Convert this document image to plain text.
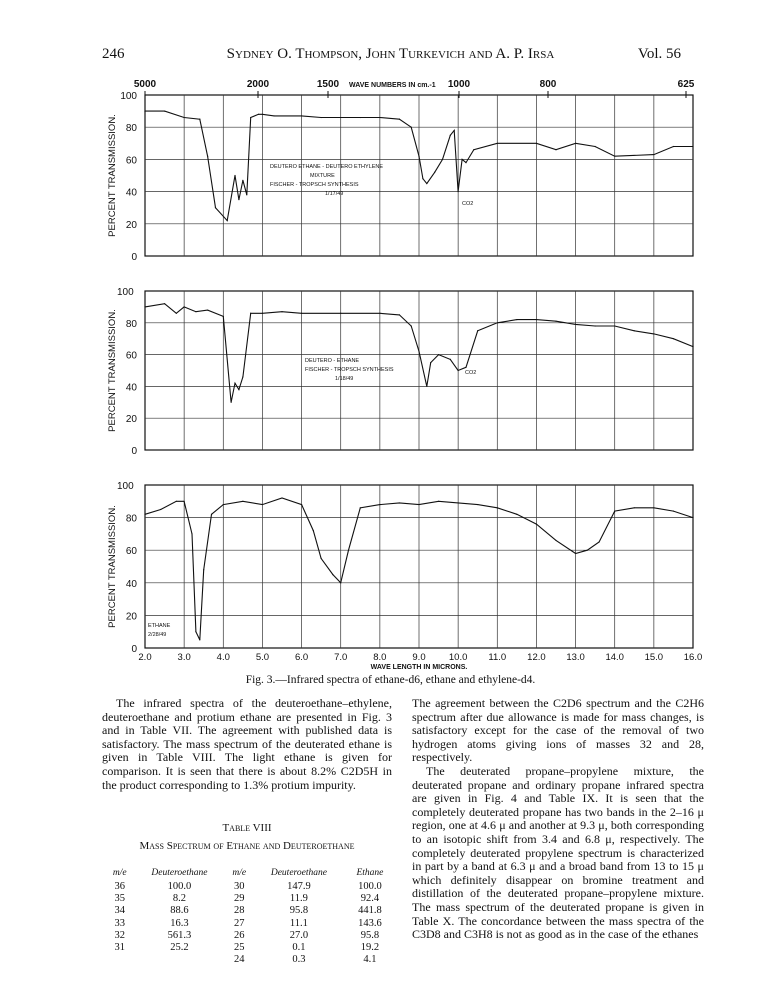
246	Sydney O. Thompson, John Turkevich and A. P. Irsa	Vol. 56
5000	2000	1500	1000	800	625
WAVE NUMBERS IN cm.-1
100
80
60
40
20
0
PERCENT TRANSMISSION.	DEUTERO ETHANE - DEUTERO ETHYLENE
MIXTURE
FISCHER - TROPSCH SYNTHESIS
1/17/49
CO2
100
80
60
40
20
0
PERCENT TRANSMISSION.	DEUTERO - ETHANE
FISCHER - TROPSCH SYNTHESIS
1/18/49
CO2
100
80
60
40
20
0
PERCENT TRANSMISSION.	ETHANE
2/28/49
2.0	3.0	4.0	5.0	6.0	7.0	8.0	9.0 10.0 11.0 12.0 13.0 14.0 15.0 16.0
WAVE LENGTH IN MICRONS.
Fig. 3.—Infrared spectra of ethane-d6, ethane and ethylene-d4.

The infrared spectra of the deuteroethane–ethylene, deuteroethane and protium ethane are presented in Fig. 3 and in Table VII. The agreement with published data is satisfactory. The mass spectrum of the deuterated ethane is given in Table VIII. The light ethane is given for comparison. It is seen that there is about 8.2% C2D5H in the product corresponding to 1.3% protium impurity.

Table VIII
Mass Spectrum of Ethane and Deuteroethane
m/e	Deuteroethane	m/e	Deuteroethane	Ethane
36	100.0	30	147.9	100.0
35	8.2	29	11.9	92.4
34	88.6	28	95.8	441.8
33	16.3	27	11.1	143.6
32	561.3	26	27.0	95.8
31	25.2	25	0.1	19.2
		24	0.3	4.1

The agreement between the C2D6 spectrum and the C2H6 spectrum after due allowance is made for mass changes, is satisfactory except for the case of the removal of two hydrogen atoms giving ions of masses 32 and 28, respectively.

The deuterated propane–propylene mixture, the deuterated propane and ordinary propane infrared spectra are given in Fig. 4 and Table IX. It is seen that the completely deuterated propane has two bands in the 2–16 μ region, one at 4.6 μ and another at 9.3 μ, both corresponding to an isotopic shift from 3.4 and 6.8 μ, respectively. The completely deuterated propylene spectrum is characterized in part by a band at 6.3 μ and a broad band from 13 to 15 μ which definitely disappear on bromine treatment and distillation of the deuterated propane–propylene mixture. The mass spectrum of the deuterated propane is given in Table X. The concordance between the mass spectra of the C3D8 and C3H8 is not as good as in the case of the ethanes
